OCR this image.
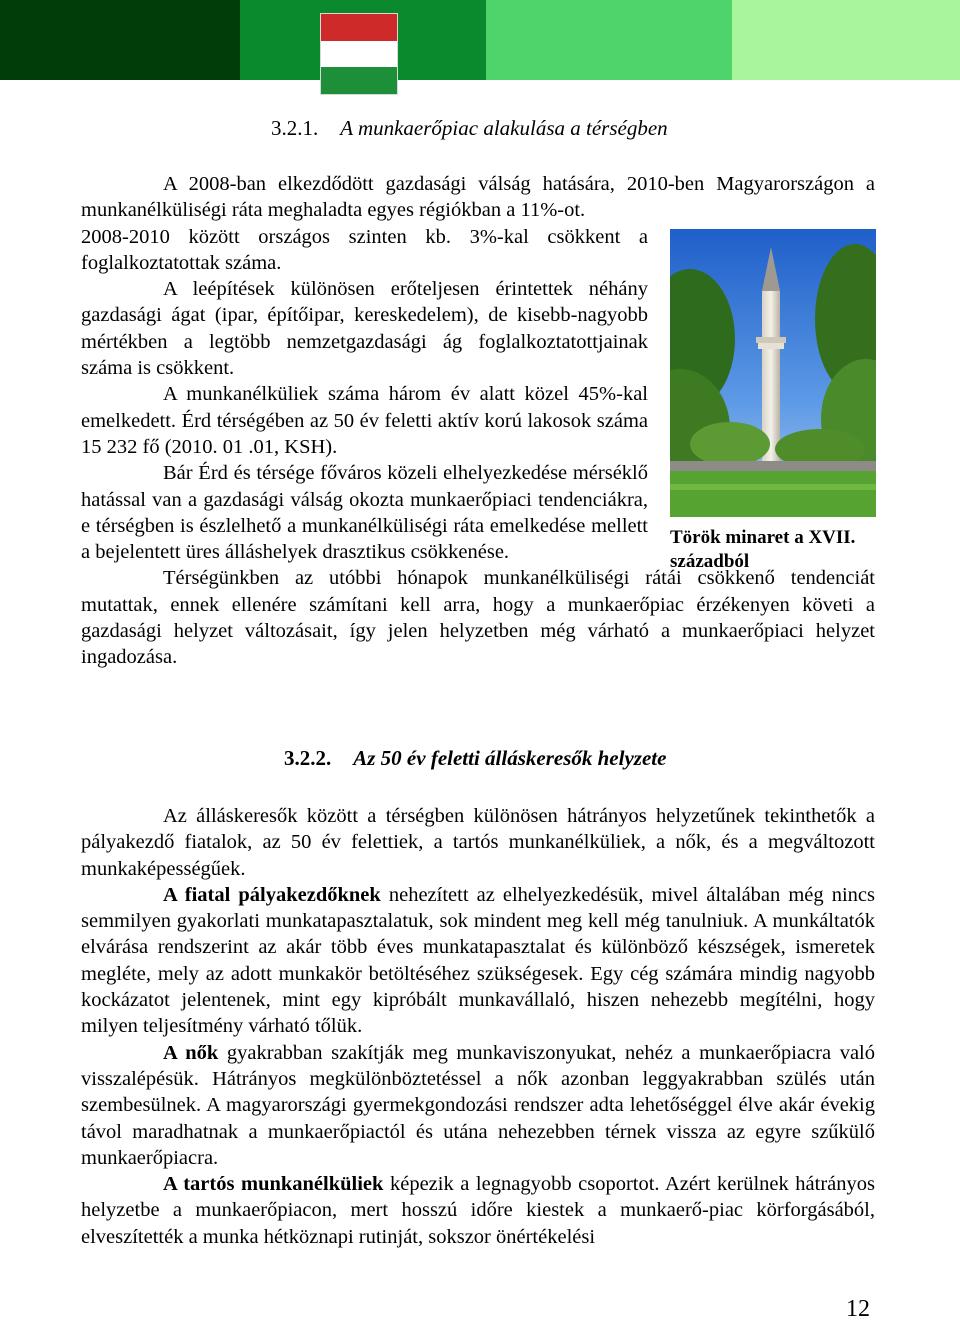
3.2.1. A munkaerőpiac alakulása a térségben

A 2008-ban elkezdődött gazdasági válság hatására, 2010-ben Magyarországon a munkanélküliségi ráta meghaladta egyes régiókban a 11%-ot.

2008-2010 között országos szinten kb. 3%-kal csökkent a foglalkoztatottak száma.

A leépítések különösen erőteljesen érintettek néhány gazdasági ágat (ipar, építőipar, kereskedelem), de kisebb-nagyobb mértékben a legtöbb nemzetgazdasági ág foglalkoztatottjainak száma is csökkent.

A munkanélküliek száma három év alatt közel 45%-kal emelkedett. Érd térségében az 50 év feletti aktív korú lakosok száma 15 232 fő (2010. 01 .01, KSH).

Bár Érd és térsége főváros közeli elhelyezkedése mérséklő hatással van a gazdasági válság okozta munkaerőpiaci tendenciákra, e térségben is észlelhető a munkanélküliségi ráta emelkedése mellett a bejelentett üres álláshelyek drasztikus csökkenése.

Térségünkben az utóbbi hónapok munkanélküliségi rátái csökkenő tendenciát mutattak, ennek ellenére számítani kell arra, hogy a munkaerőpiac érzékenyen követi a gazdasági helyzet változásait, így jelen helyzetben még várható a munkaerőpiaci helyzet ingadozása.

Török minaret a XVII. századból
3.2.2. Az 50 év feletti álláskeresők helyzete

Az álláskeresők között a térségben különösen hátrányos helyzetűnek tekinthetők a pályakezdő fiatalok, az 50 év felettiek, a tartós munkanélküliek, a nők, és a megváltozott munkaképességűek.

A fiatal pályakezdőknek nehezített az elhelyezkedésük, mivel általában még nincs semmilyen gyakorlati munkatapasztalatuk, sok mindent meg kell még tanulniuk. A munkáltatók elvárása rendszerint az akár több éves munkatapasztalat és különböző készségek, ismeretek megléte, mely az adott munkakör betöltéséhez szükségesek. Egy cég számára mindig nagyobb kockázatot jelentenek, mint egy kipróbált munkavállaló, hiszen nehezebb megítélni, hogy milyen teljesítmény várható tőlük.

A nők gyakrabban szakítják meg munkaviszonyukat, nehéz a munkaerőpiacra való visszalépésük. Hátrányos megkülönböztetéssel a nők azonban leggyakrabban szülés után szembesülnek. A magyarországi gyermekgondozási rendszer adta lehetőséggel élve akár évekig távol maradhatnak a munkaerőpiactól és utána nehezebben térnek vissza az egyre szűkülő munkaerőpiacra.

A tartós munkanélküliek képezik a legnagyobb csoportot. Azért kerülnek hátrányos helyzetbe a munkaerőpiacon, mert hosszú időre kiestek a munkaerő-piac körforgásából, elveszítették a munka hétköznapi rutinját, sokszor önértékelési

12
